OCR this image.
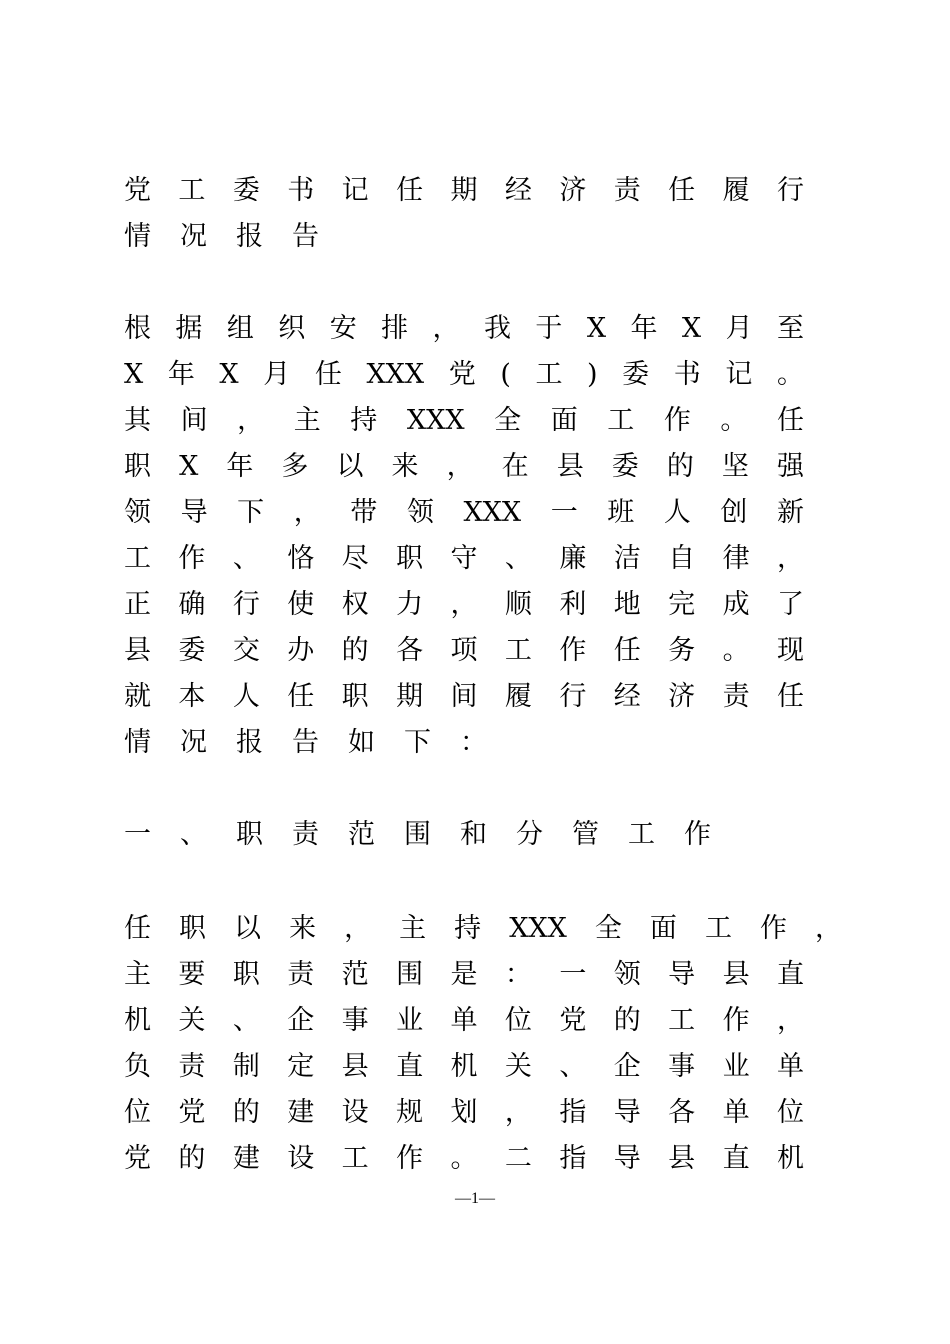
党工委书记任期经济责任履行
情况报告
根据组织安排，我于X年X月至
X年X月任XXX党(工)委书记。
其间，主持XXX全面工作。任
职X年多以来，在县委的坚强
领导下，带领XXX一班人创新
工作、恪尽职守、廉洁自律，
正确行使权力，顺利地完成了
县委交办的各项工作任务。现
就本人任职期间履行经济责任
情况报告如下：
一、职责范围和分管工作
任职以来，主持XXX全面工作，
主要职责范围是：一领导县直
机关、企事业单位党的工作，
负责制定县直机关、企事业单
位党的建设规划，指导各单位
党的建设工作。二指导县直机
—1—
